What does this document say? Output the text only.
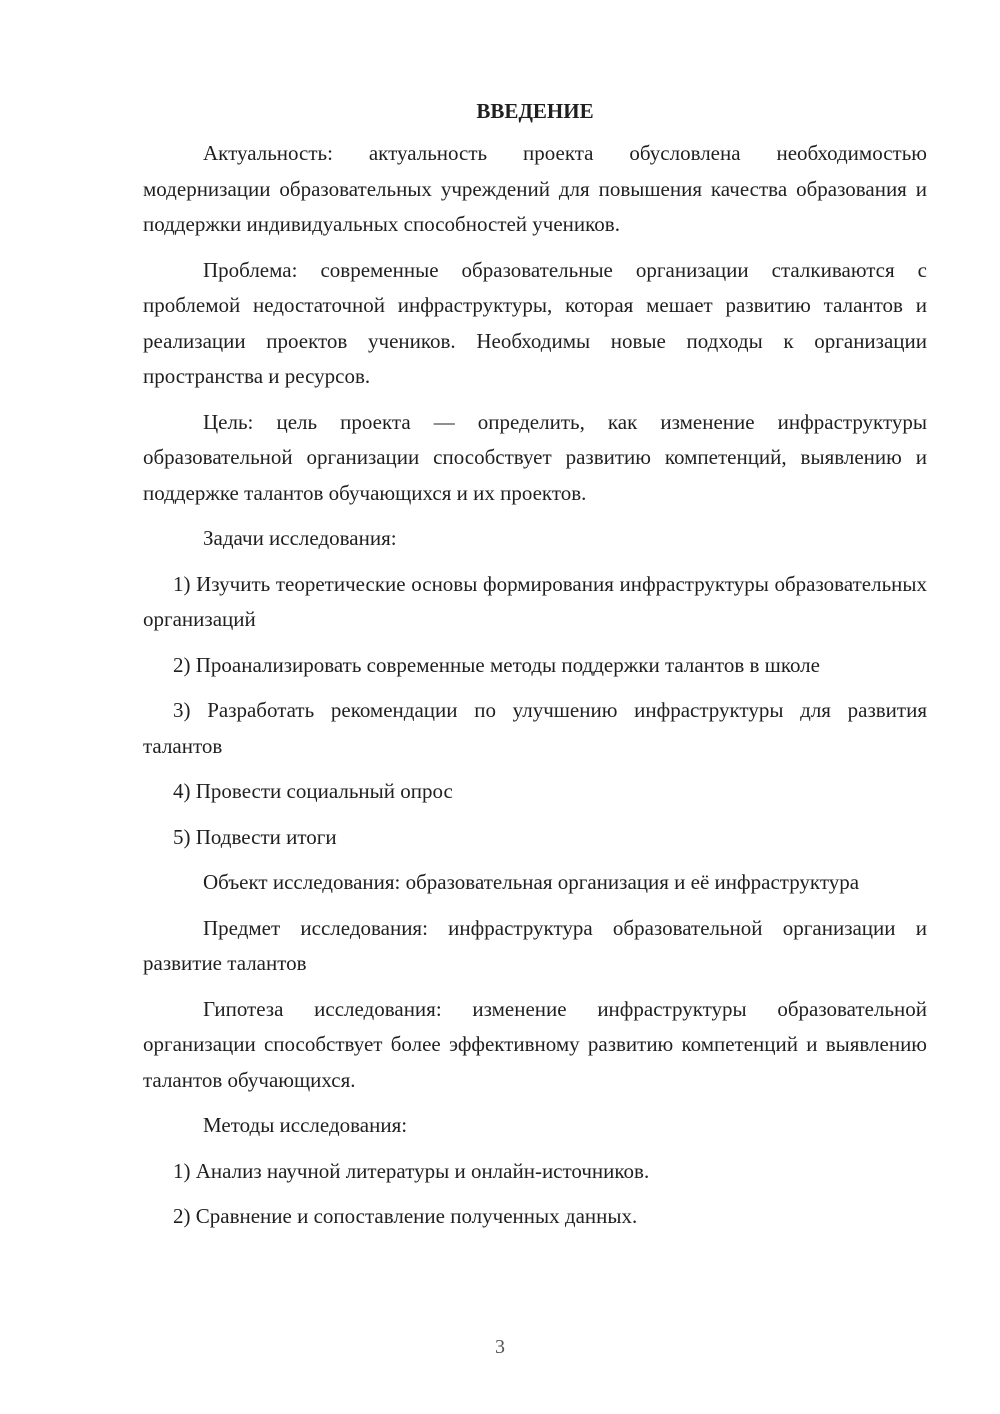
ВВЕДЕНИЕ

Актуальность: актуальность проекта обусловлена необходимостью модернизации образовательных учреждений для повышения качества образования и поддержки индивидуальных способностей учеников.

Проблема: современные образовательные организации сталкиваются с проблемой недостаточной инфраструктуры, которая мешает развитию талантов и реализации проектов учеников. Необходимы новые подходы к организации пространства и ресурсов.

Цель: цель проекта — определить, как изменение инфраструктуры образовательной организации способствует развитию компетенций, выявлению и поддержке талантов обучающихся и их проектов.

Задачи исследования:

1) Изучить теоретические основы формирования инфраструктуры образовательных организаций

2) Проанализировать современные методы поддержки талантов в школе

3) Разработать рекомендации по улучшению инфраструктуры для развития талантов

4) Провести социальный опрос

5) Подвести итоги

Объект исследования: образовательная организация и её инфраструктура

Предмет исследования: инфраструктура образовательной организации и развитие талантов

Гипотеза исследования: изменение инфраструктуры образовательной организации способствует более эффективному развитию компетенций и выявлению талантов обучающихся.

Методы исследования:

1) Анализ научной литературы и онлайн-источников.

2) Сравнение и сопоставление полученных данных.

3
